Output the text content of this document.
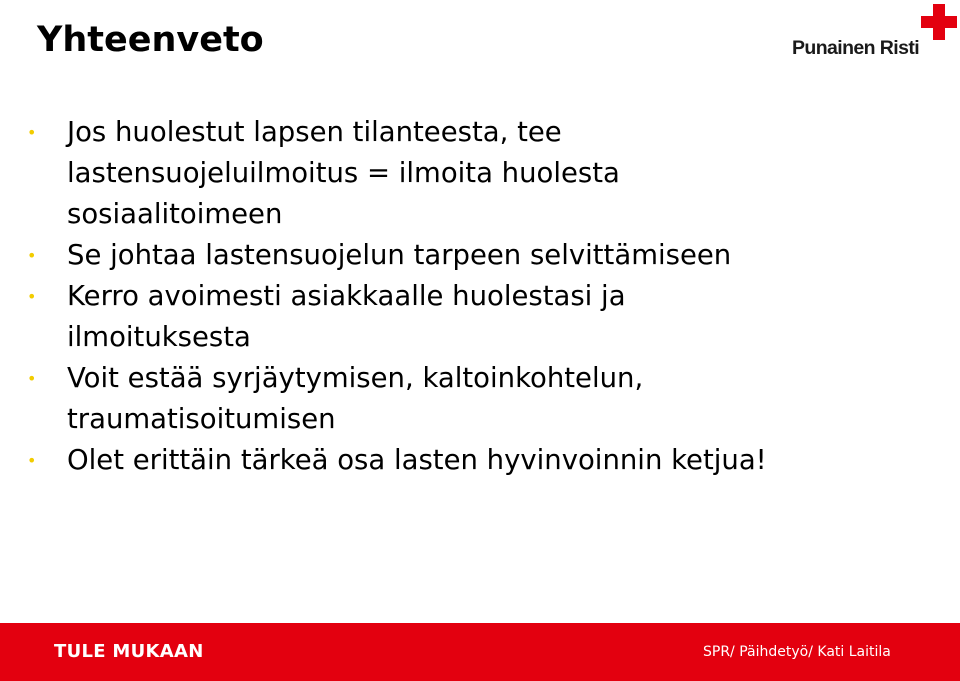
Yhteenveto	Punainen Risti
• Jos huolestut lapsen tilanteesta, tee
lastensuojeluilmoitus = ilmoita huolesta
sosiaalitoimeen
• Se johtaa lastensuojelun tarpeen selvittämiseen
• Kerro avoimesti asiakkaalle huolestasi ja
ilmoituksesta
• Voit estää syrjäytymisen, kaltoinkohtelun,
traumatisoitumisen
• Olet erittäin tärkeä osa lasten hyvinvoinnin ketjua!
TULE MUKAAN	SPR/ Päihdetyö/ Kati Laitila
